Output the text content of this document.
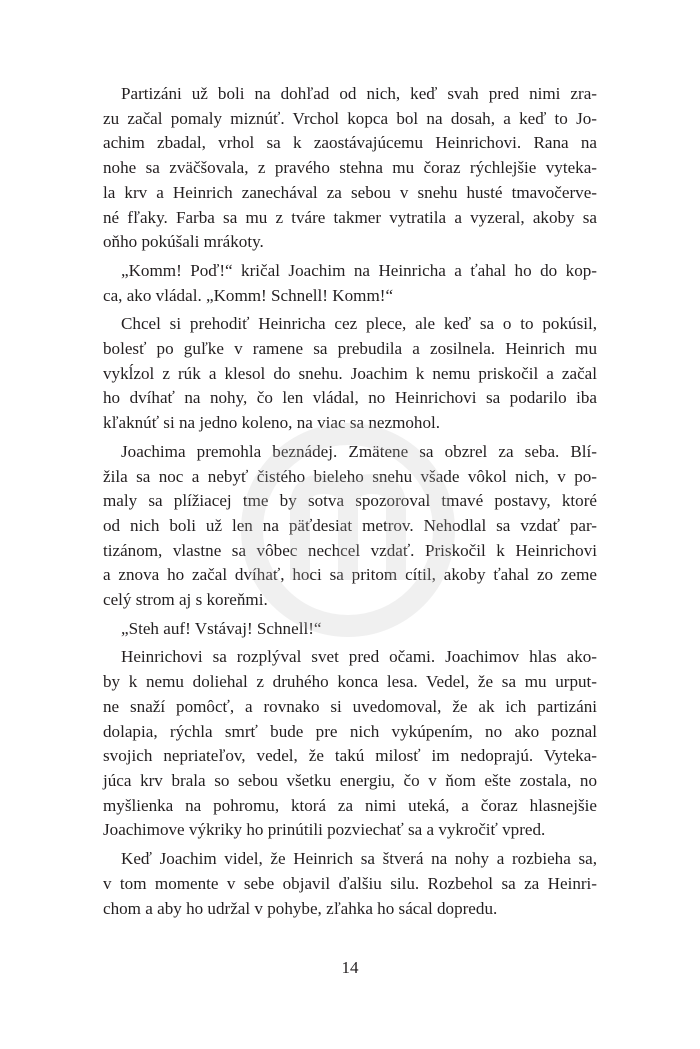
Partizáni už boli na dohľad od nich, keď svah pred nimi zra-
zu začal pomaly miznúť. Vrchol kopca bol na dosah, a keď to Jo-
achim zbadal, vrhol sa k zaostávajúcemu Heinrichovi. Rana na
nohe sa zväčšovala, z pravého stehna mu čoraz rýchlejšie vyteka-
la krv a Heinrich zanechával za sebou v snehu husté tmavočerve-
né fľaky. Farba sa mu z tváre takmer vytratila a vyzeral, akoby sa
oňho pokúšali mrákoty.
„Komm! Poď!“ kričal Joachim na Heinricha a ťahal ho do kop-
ca, ako vládal. „Komm! Schnell! Komm!“
Chcel si prehodiť Heinricha cez plece, ale keď sa o to pokúsil,
bolesť po guľke v ramene sa prebudila a zosilnela. Heinrich mu
vykĺzol z rúk a klesol do snehu. Joachim k nemu priskočil a začal
ho dvíhať na nohy, čo len vládal, no Heinrichovi sa podarilo iba
kľaknúť si na jedno koleno, na viac sa nezmohol.
Joachima premohla beznádej. Zmätene sa obzrel za seba. Blí-
žila sa noc a nebyť čistého bieleho snehu všade vôkol nich, v po-
maly sa plížiacej tme by sotva spozoroval tmavé postavy, ktoré
od nich boli už len na päťdesiat metrov. Nehodlal sa vzdať par-
tizánom, vlastne sa vôbec nechcel vzdať. Priskočil k Heinrichovi
a znova ho začal dvíhať, hoci sa pritom cítil, akoby ťahal zo zeme
celý strom aj s koreňmi.
„Steh auf! Vstávaj! Schnell!“
Heinrichovi sa rozplýval svet pred očami. Joachimov hlas ako-
by k nemu doliehal z druhého konca lesa. Vedel, že sa mu urput-
ne snaží pomôcť, a rovnako si uvedomoval, že ak ich partizáni
dolapia, rýchla smrť bude pre nich vykúpením, no ako poznal
svojich nepriateľov, vedel, že takú milosť im nedoprajú. Vyteka-
júca krv brala so sebou všetku energiu, čo v ňom ešte zostala, no
myšlienka na pohromu, ktorá za nimi uteká, a čoraz hlasnejšie
Joachimove výkriky ho prinútili pozviechať sa a vykročiť vpred.
Keď Joachim videl, že Heinrich sa štverá na nohy a rozbieha sa,
v tom momente v sebe objavil ďalšiu silu. Rozbehol sa za Heinri-
chom a aby ho udržal v pohybe, zľahka ho sácal dopredu.
14
